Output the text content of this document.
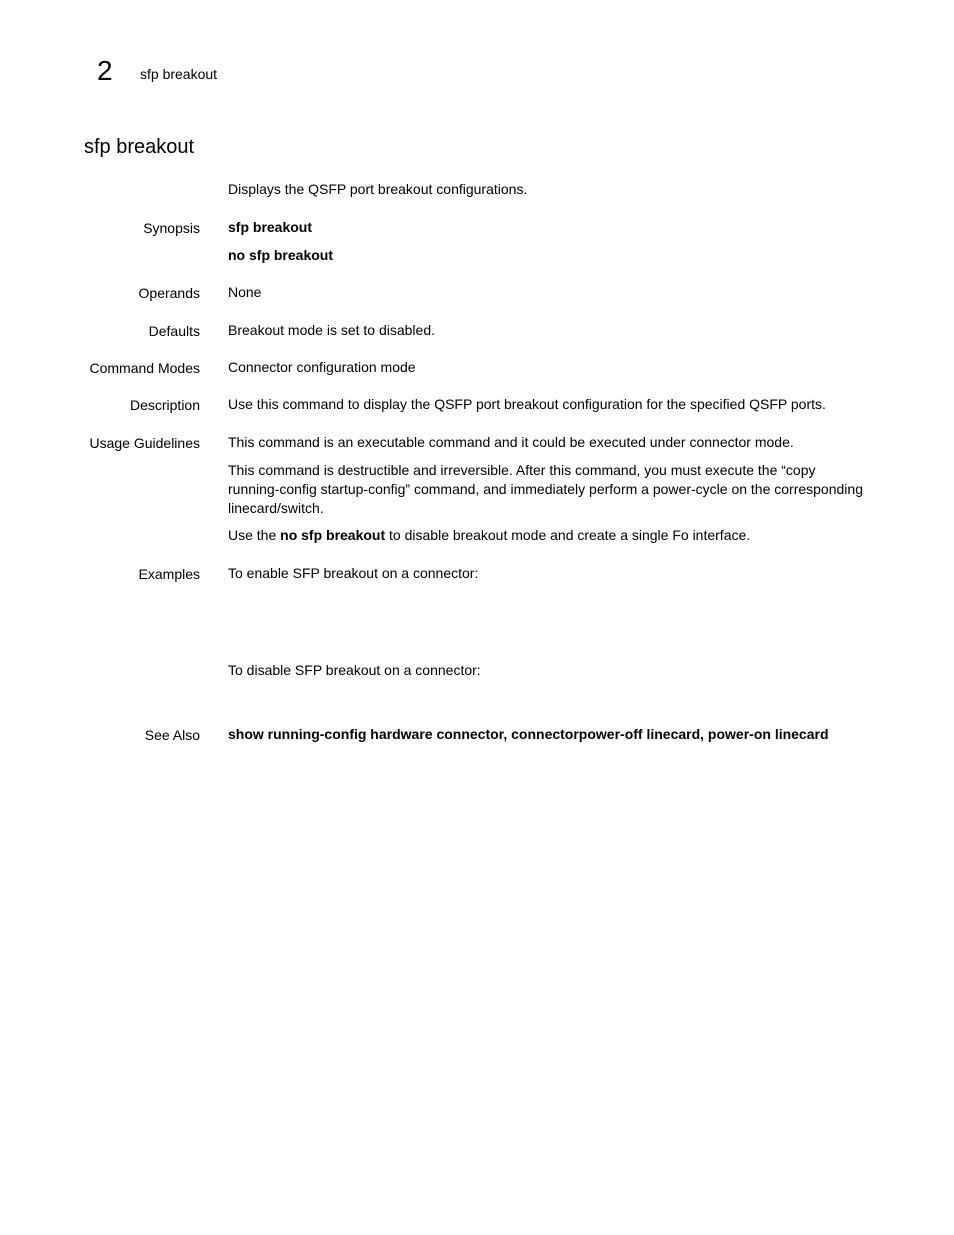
2 sfp breakout
sfp breakout
Displays the QSFP port breakout configurations.
Synopsis sfp breakout
no sfp breakout
Operands None
Defaults Breakout mode is set to disabled.
Command Modes Connector configuration mode
Description Use this command to display the QSFP port breakout configuration for the specified QSFP ports.
Usage Guidelines This command is an executable command and it could be executed under connector mode.
This command is destructible and irreversible. After this command, you must execute the “copy running-config startup-config” command, and immediately perform a power-cycle on the corresponding linecard/switch.
Use the no sfp breakout to disable breakout mode and create a single Fo interface.
Examples To enable SFP breakout on a connector:
To disable SFP breakout on a connector:
See Also show running-config hardware connector, connectorpower-off linecard, power-on linecard
